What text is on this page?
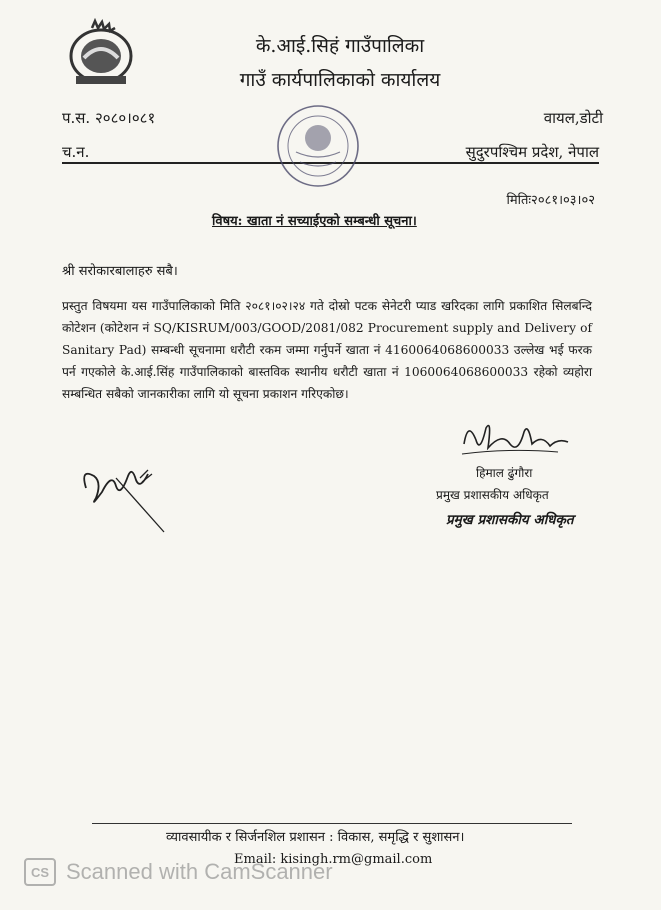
के.आई.सिहं गाउँपालिका
गाउँ कार्यपालिकाको कार्यालय
प.स. २०८०।०८१
च.न.
वायल,डोटी
सुदुरपश्चिम प्रदेश, नेपाल
मितिः२०८१।०३।०२
विषय: खाता नं सच्याईएको सम्बन्धी सूचना।
श्री सरोकारबालाहरु सबै।
प्रस्तुत विषयमा यस गाउँपालिकाको मिति २०८१।०२।२४ गते दोस्रो पटक सेनेटरी प्याड खरिदका लागि प्रकाशित सिलबन्दि कोटेशन (कोटेशन नं SQ/KISRUM/003/GOOD/2081/082 Procurement supply and Delivery of Sanitary Pad) सम्बन्धी सूचनामा धरौटी रकम जम्मा गर्नुपर्ने खाता नं 4160064068600033 उल्लेख भई फरक पर्न गएकोले के.आई.सिंह गाउँपालिकाको बास्तविक स्थानीय धरौटी खाता नं 1060064068600033 रहेको व्यहोरा सम्बन्धित सबैको जानकारीका लागि यो सूचना प्रकाशन गरिएकोछ।
हिमाल ढुंगौरा
प्रमुख प्रशासकीय अधिकृत
प्रमुख प्रशासकीय अधिकृत
व्यावसायीक र सिर्जनशिल प्रशासन : विकास, समृद्धि र सुशासन।
Email: kisingh.rm@gmail.com
CS Scanned with CamScanner
